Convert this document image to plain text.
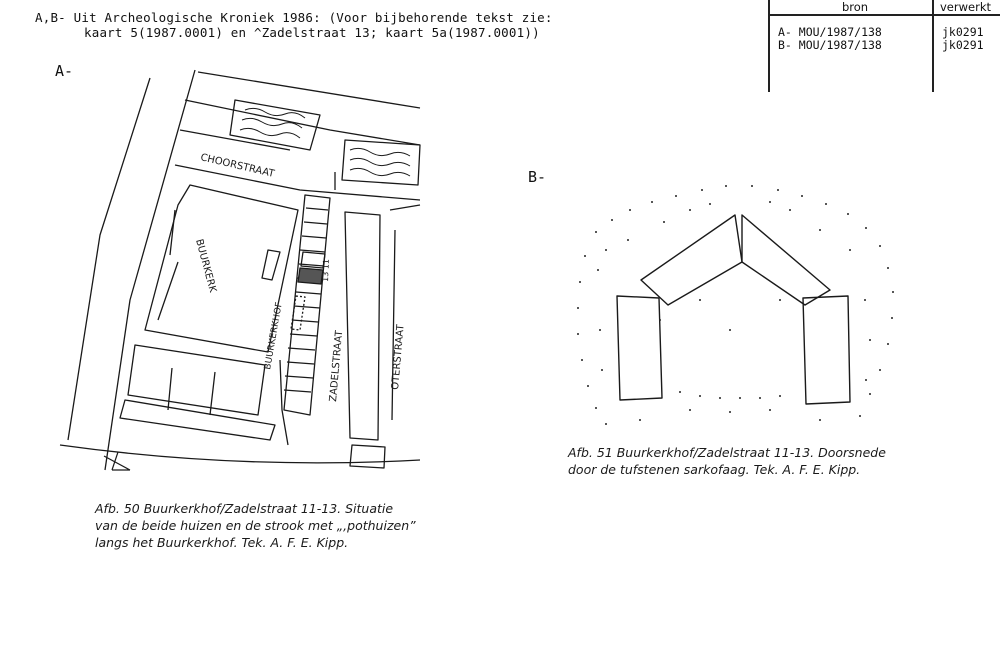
A,B- Uit Archeologische Kroniek 1986: (Voor bijbehorende tekst zie:
kaart 5(1987.0001) en ^Zadelstraat 13; kaart 5a(1987.0001))
bron	verwerkt
A- MOU/1987/138	jk0291
B- MOU/1987/138	jk0291
A-
B-
CHOORSTRAAT
BUURKERK
BUURKERKHOF	ZADELSTRAAT	OTERSTRAAT
13 11
Afb. 50 Buurkerkhof/Zadelstraat 11-13. Situatie
van de beide huizen en de strook met „,pothuizen”
langs het Buurkerkhof. Tek. A. F. E. Kipp.
Afb. 51 Buurkerkhof/Zadelstraat 11-13. Doorsnede
door de tufstenen sarkofaag. Tek. A. F. E. Kipp.
